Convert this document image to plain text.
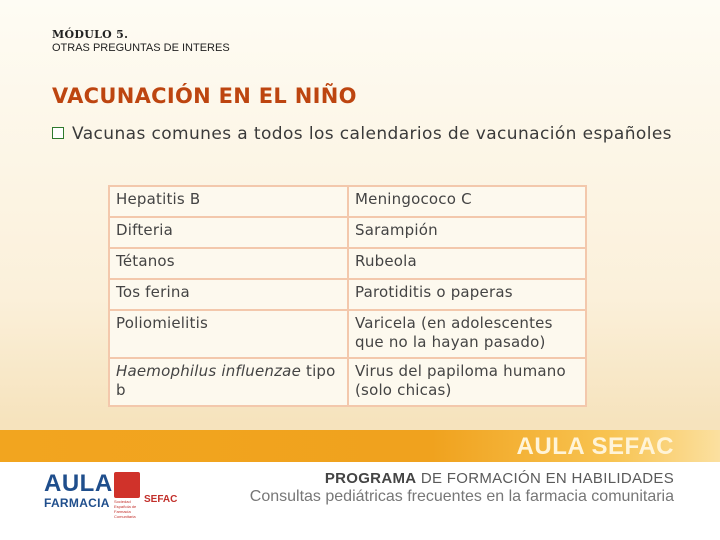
MÓDULO 5.
OTRAS PREGUNTAS DE INTERES
VACUNACIÓN EN EL NIÑO
Vacunas comunes a todos los calendarios de vacunación españoles
Hepatitis B	Meningococo C
Difteria	Sarampión
Tétanos	Rubeola
Tos ferina	Parotiditis o paperas
Poliomielitis	Varicela (en adolescentes que no la hayan pasado)
Haemophilus influenzae tipo b	Virus del papiloma humano (solo chicas)
AULA SEFAC
AULA
FARMACIA Sociedad Española de Farmacia Comunitaria
SEFAC
PROGRAMA DE FORMACIÓN EN HABILIDADES
Consultas pediátricas frecuentes en la farmacia comunitaria
